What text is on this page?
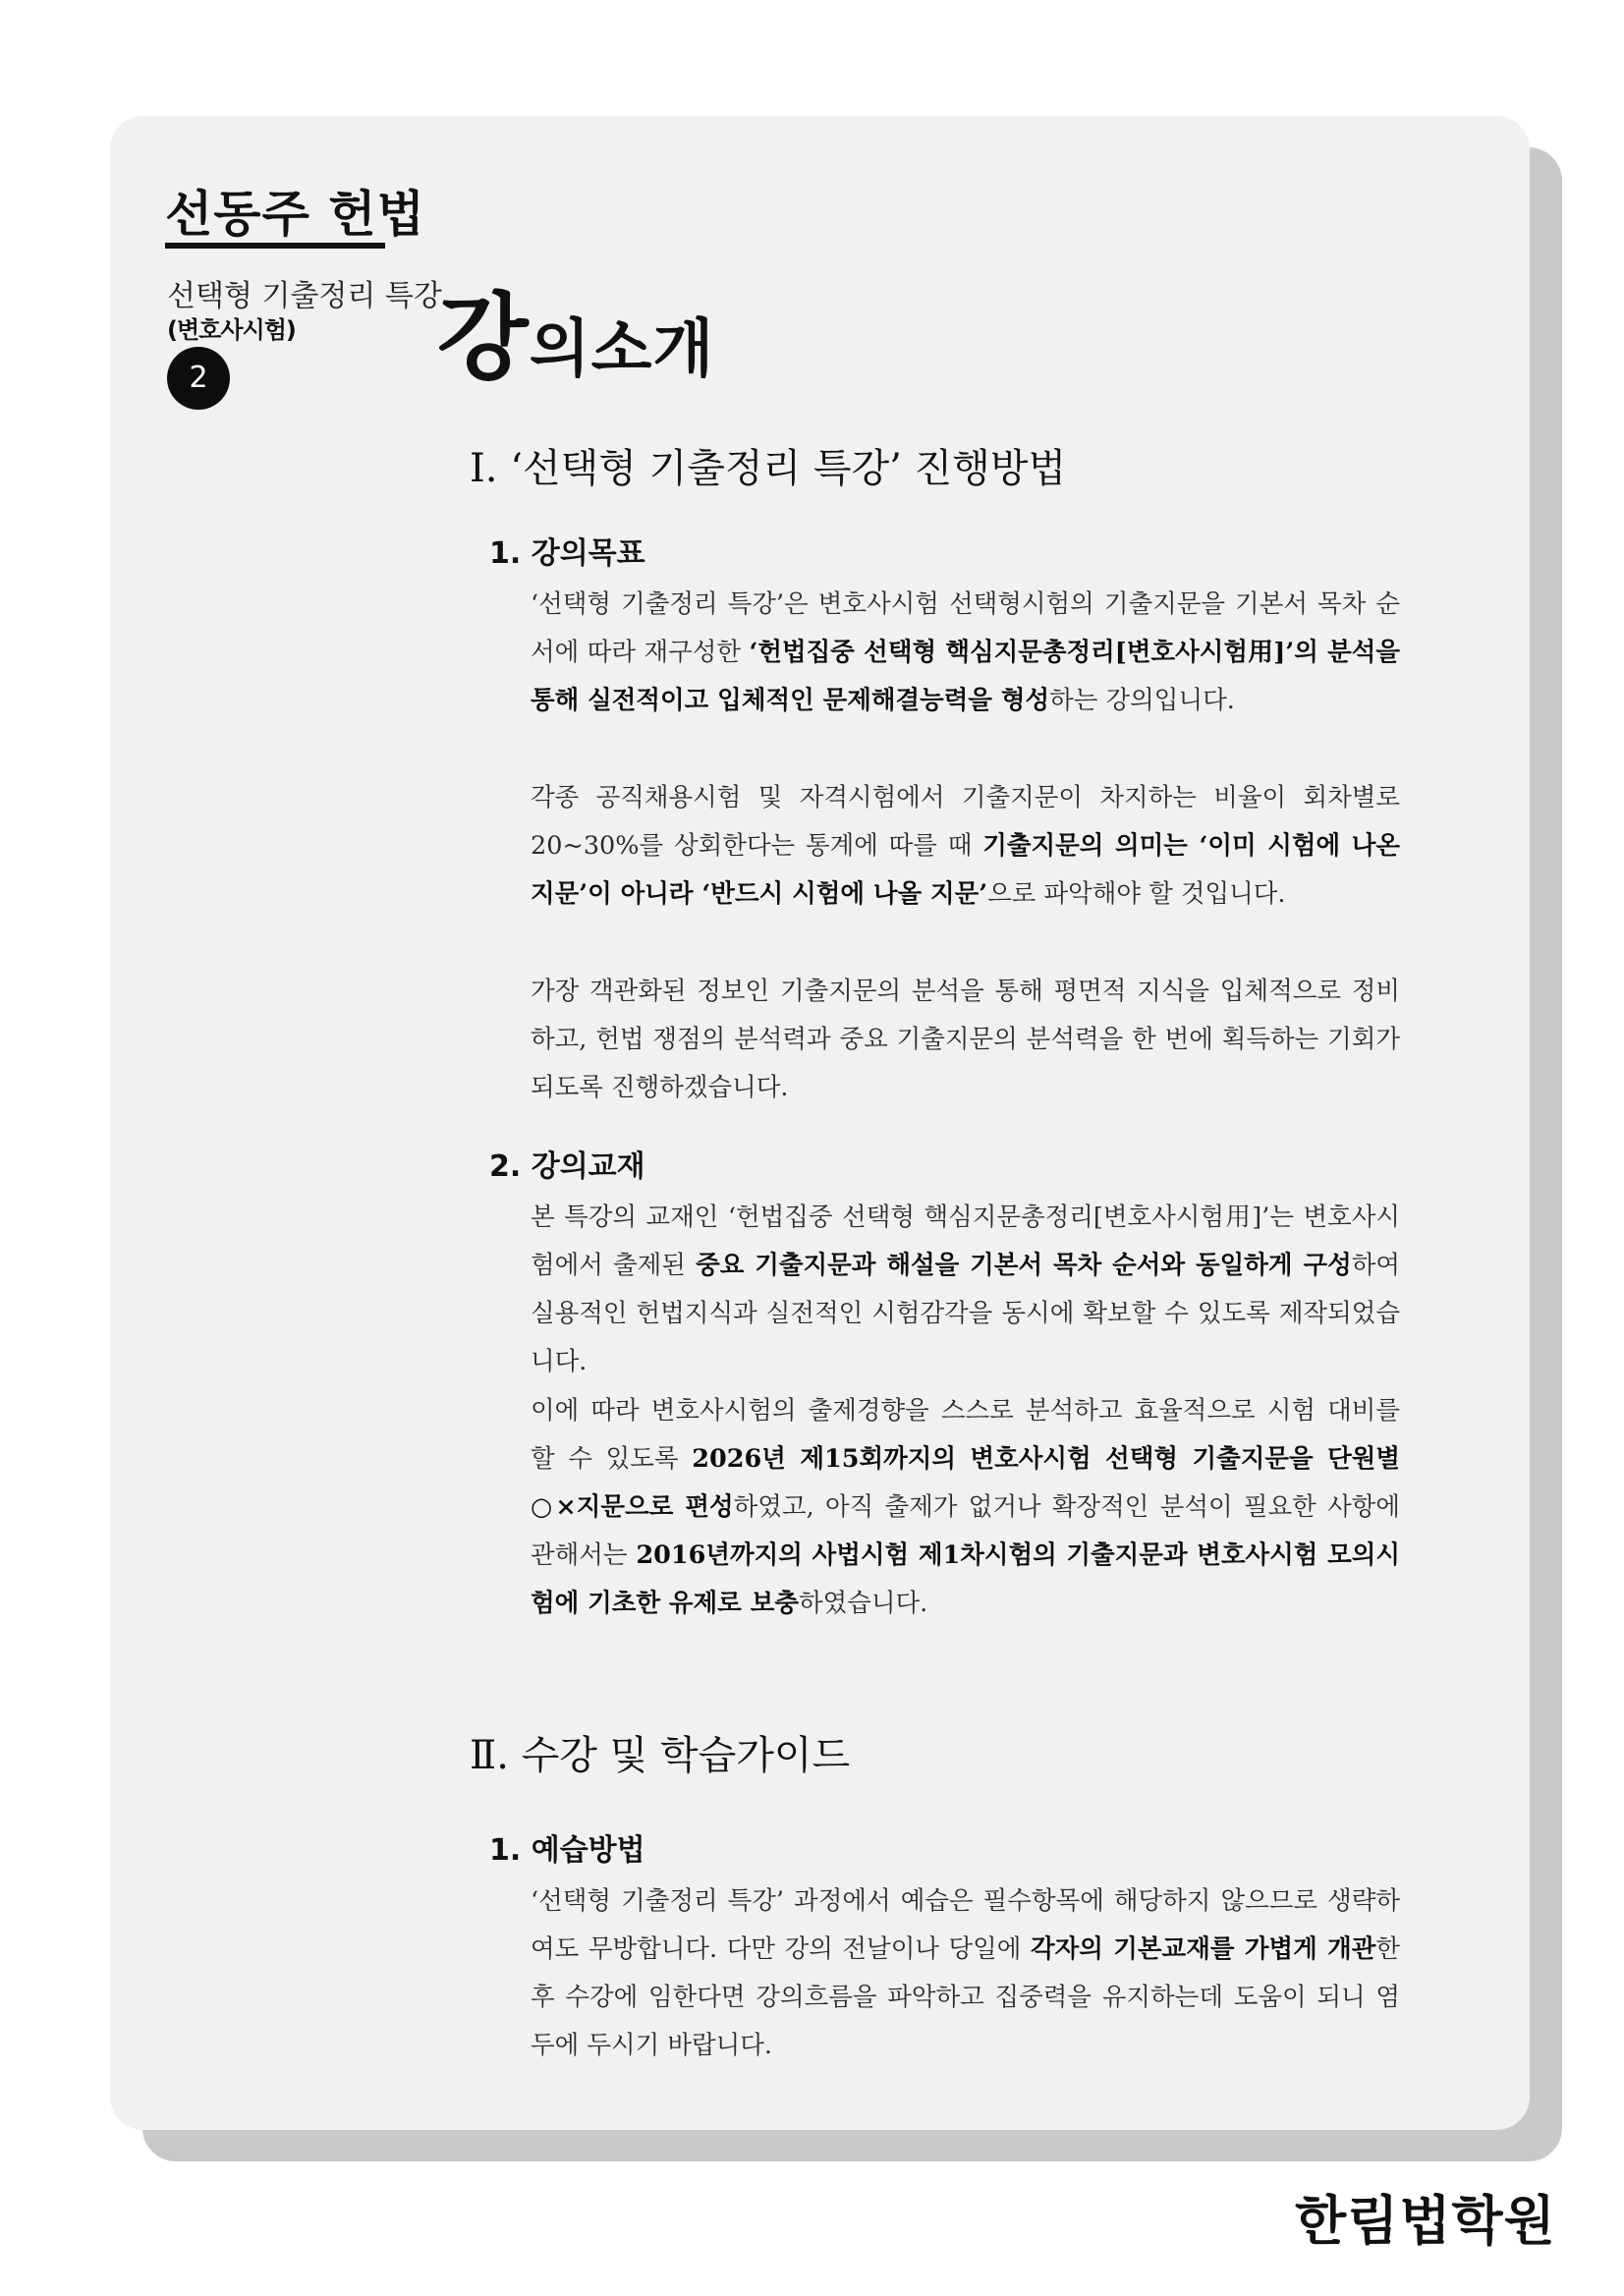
선동주 헌법
선택형 기출정리 특강
(변호사시험)
2 강의소개
Ⅰ. ‘선택형 기출정리 특강’ 진행방법
1. 강의목표

‘선택형 기출정리 특강’은 변호사시험 선택형시험의 기출지문을 기본서 목차 순서에 따라 재구성한 ‘헌법집중 선택형 핵심지문총정리[변호사시험用]’의 분석을 통해 실전적이고 입체적인 문제해결능력을 형성하는 강의입니다.

각종 공직채용시험 및 자격시험에서 기출지문이 차지하는 비율이 회차별로 20~30%를 상회한다는 통계에 따를 때 기출지문의 의미는 ‘이미 시험에 나온 지문’이 아니라 ‘반드시 시험에 나올 지문’으로 파악해야 할 것입니다.

가장 객관화된 정보인 기출지문의 분석을 통해 평면적 지식을 입체적으로 정비하고, 헌법 쟁점의 분석력과 중요 기출지문의 분석력을 한 번에 획득하는 기회가 되도록 진행하겠습니다.

2. 강의교재

본 특강의 교재인 ‘헌법집중 선택형 핵심지문총정리[변호사시험用]’는 변호사시험에서 출제된 중요 기출지문과 해설을 기본서 목차 순서와 동일하게 구성하여 실용적인 헌법지식과 실전적인 시험감각을 동시에 확보할 수 있도록 제작되었습니다.

이에 따라 변호사시험의 출제경향을 스스로 분석하고 효율적으로 시험 대비를 할 수 있도록 2026년 제15회까지의 변호사시험 선택형 기출지문을 단원별 ○×지문으로 편성하였고, 아직 출제가 없거나 확장적인 분석이 필요한 사항에 관해서는 2016년까지의 사법시험 제1차시험의 기출지문과 변호사시험 모의시험에 기초한 유제로 보충하였습니다.

Ⅱ. 수강 및 학습가이드
1. 예습방법

‘선택형 기출정리 특강’ 과정에서 예습은 필수항목에 해당하지 않으므로 생략하여도 무방합니다. 다만 강의 전날이나 당일에 각자의 기본교재를 가볍게 개관한 후 수강에 임한다면 강의흐름을 파악하고 집중력을 유지하는데 도움이 되니 염두에 두시기 바랍니다.

한림법학원
